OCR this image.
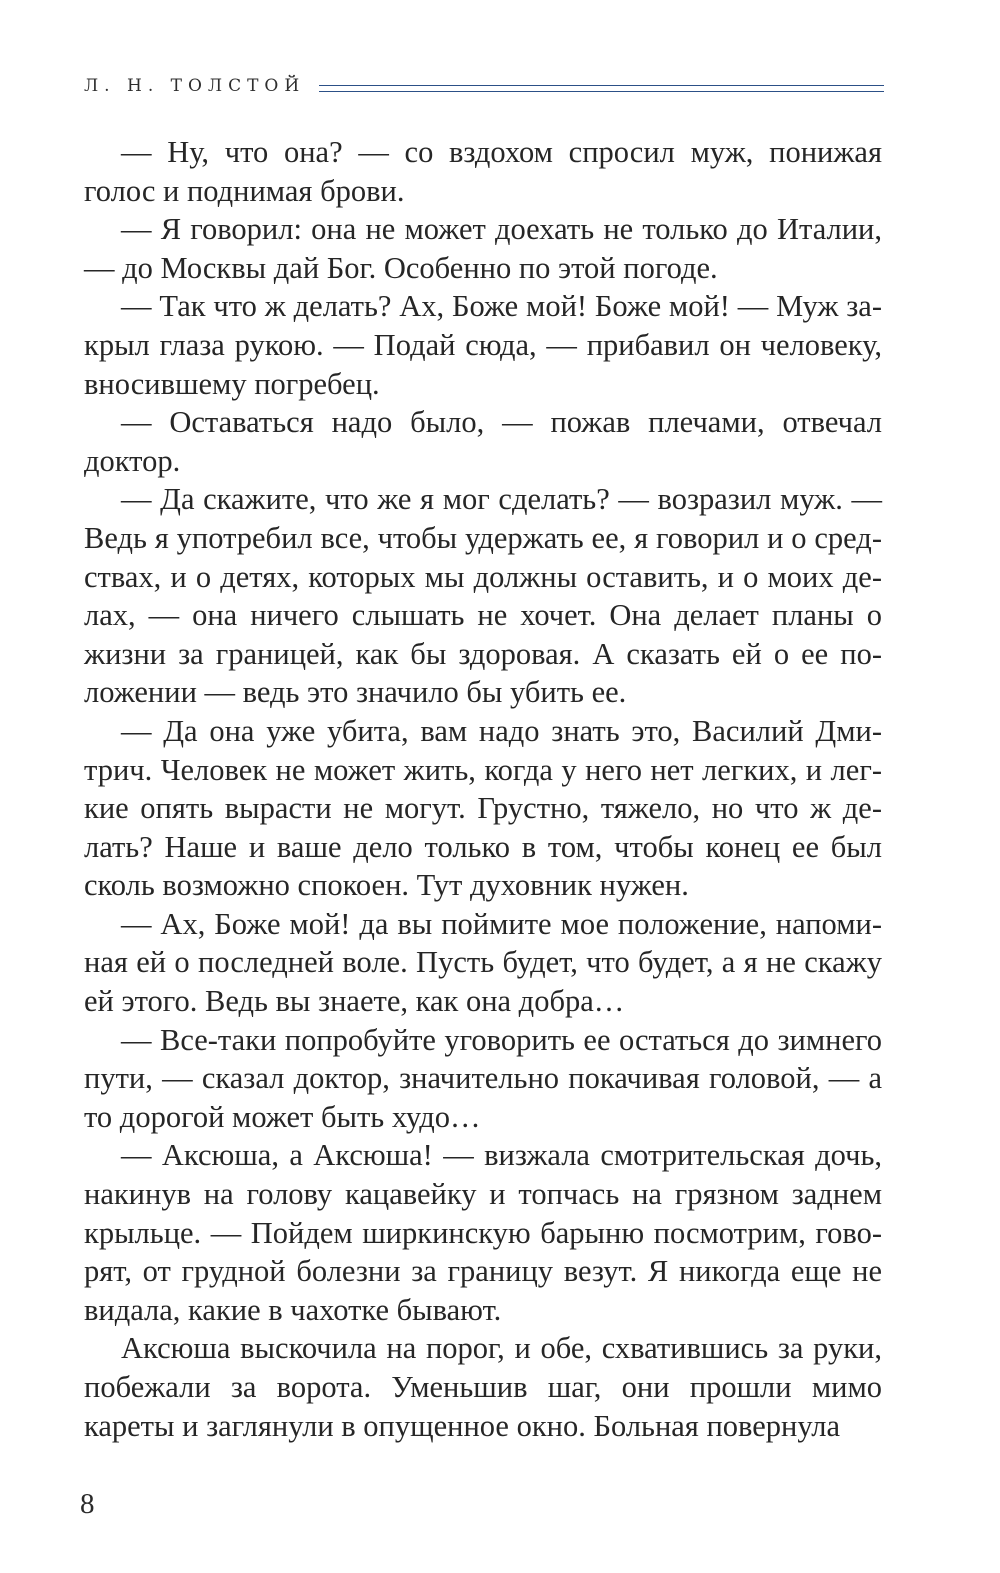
Л. Н. ТОЛСТОЙ

— Ну, что она? — со вздохом спросил муж, понижая голос и поднимая брови.

— Я говорил: она не может доехать не только до Италии, — до Москвы дай Бог. Особенно по этой погоде.

— Так что ж делать? Ах, Боже мой! Боже мой! — Муж закрыл глаза рукою. — Подай сюда, — прибавил он человеку, вносившему погребец.

— Оставаться надо было, — пожав плечами, отвечал доктор.

— Да скажите, что же я мог сделать? — возразил муж. — Ведь я употребил все, чтобы удержать ее, я говорил и о средствах, и о детях, которых мы должны оставить, и о моих делах, — она ничего слышать не хочет. Она делает планы о жизни за границей, как бы здоровая. А сказать ей о ее положении — ведь это значило бы убить ее.

— Да она уже убита, вам надо знать это, Василий Дмитрич. Человек не может жить, когда у него нет легких, и легкие опять вырасти не могут. Грустно, тяжело, но что ж делать? Наше и ваше дело только в том, чтобы конец ее был сколь возможно спокоен. Тут духовник нужен.

— Ах, Боже мой! да вы поймите мое положение, напоминая ей о последней воле. Пусть будет, что будет, а я не скажу ей этого. Ведь вы знаете, как она добра…

— Все-таки попробуйте уговорить ее остаться до зимнего пути, — сказал доктор, значительно покачивая головой, — а то дорогой может быть худо…

— Аксюша, а Аксюша! — визжала смотрительская дочь, накинув на голову кацавейку и топчась на грязном заднем крыльце. — Пойдем ширкинскую барыню посмотрим, говорят, от грудной болезни за границу везут. Я никогда еще не видала, какие в чахотке бывают.

Аксюша выскочила на порог, и обе, схватившись за руки, побежали за ворота. Уменьшив шаг, они прошли мимо кареты и заглянули в опущенное окно. Больная повернула

8
